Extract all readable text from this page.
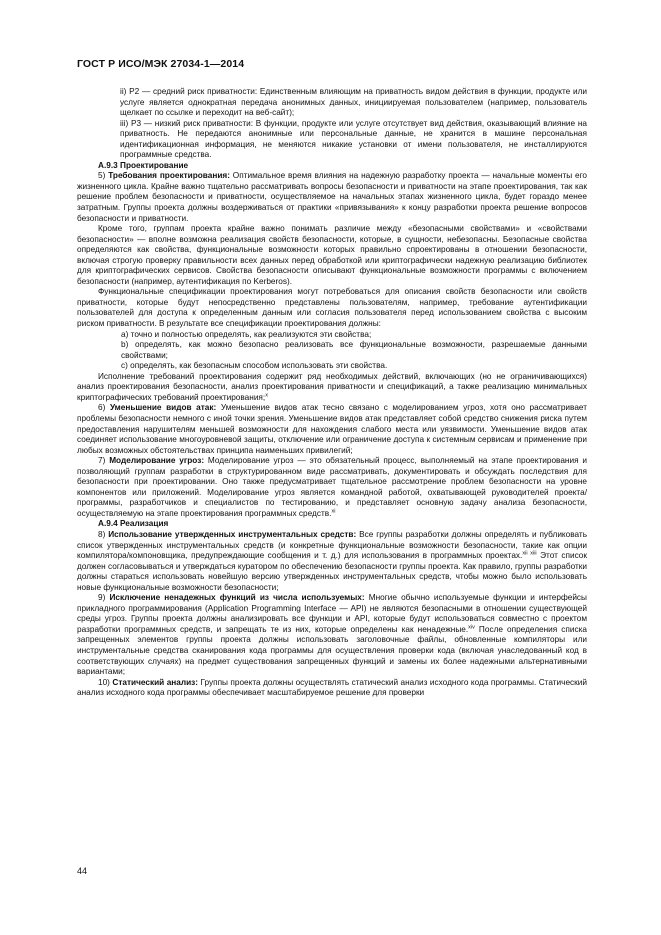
ГОСТ Р ИСО/МЭК 27034-1—2014

ii) Р2 — средний риск приватности: Единственным влияющим на приватность видом действия в функции, продукте или услуге является однократная передача анонимных данных, инициируемая пользователем (например, пользователь щелкает по ссылке и переходит на веб-сайт);

iii) Р3 — низкий риск приватности: В функции, продукте или услуге отсутствует вид действия, оказывающий влияние на приватность. Не передаются анонимные или персональные данные, не хранится в машине персональная идентификационная информация, не меняются никакие установки от имени пользователя, не инсталлируются программные средства.

А.9.3 Проектирование

5) Требования проектирования: Оптимальное время влияния на надежную разработку проекта — начальные моменты его жизненного цикла. Крайне важно тщательно рассматривать вопросы безопасности и приватности на этапе проектирования, так как решение проблем безопасности и приватности, осуществляемое на начальных этапах жизненного цикла, будет гораздо менее затратным. Группы проекта должны воздерживаться от практики «привязывания» к концу разработки проекта решение вопросов безопасности и приватности.

Кроме того, группам проекта крайне важно понимать различие между «безопасными свойствами» и «свойствами безопасности» — вполне возможна реализация свойств безопасности, которые, в сущности, небезопасны. Безопасные свойства определяются как свойства, функциональные возможности которых правильно спроектированы в отношении безопасности, включая строгую проверку правильности всех данных перед обработкой или криптографически надежную реализацию библиотек для криптографических сервисов. Свойства безопасности описывают функциональные возможности программы с включением безопасности (например, аутентификация по Kerberos).

Функциональные спецификации проектирования могут потребоваться для описания свойств безопасности или свойств приватности, которые будут непосредственно представлены пользователям, например, требование аутентификации пользователей для доступа к определенным данным или согласия пользователя перед использованием свойства с высоким риском приватности. В результате все спецификации проектирования должны:

а) точно и полностью определять, как реализуются эти свойства;

b) определять, как можно безопасно реализовать все функциональные возможности, разрешаемые данными свойствами;

с) определять, как безопасным способом использовать эти свойства.

Исполнение требований проектирования содержит ряд необходимых действий, включающих (но не ограничивающихся) анализ проектирования безопасности, анализ проектирования приватности и спецификаций, а также реализацию минимальных криптографических требований проектирования;$^x$

6) Уменьшение видов атак: Уменьшение видов атак тесно связано с моделированием угроз, хотя оно рассматривает проблемы безопасности немного с иной точки зрения. Уменьшение видов атак представляет собой средство снижения риска путем предоставления нарушителям меньшей возможности для нахождения слабого места или уязвимости. Уменьшение видов атак соединяет использование многоуровневой защиты, отключение или ограничение доступа к системным сервисам и применение при любых возможных обстоятельствах принципа наименьших привилегий;

7) Моделирование угроз: Моделирование угроз — это обязательный процесс, выполняемый на этапе проектирования и позволяющий группам разработки в структурированном виде рассматривать, документировать и обсуждать последствия для безопасности при проектировании. Оно также предусматривает тщательное рассмотрение проблем безопасности на уровне компонентов или приложений. Моделирование угроз является командной работой, охватывающей руководителей проекта/программы, разработчиков и специалистов по тестированию, и представляет основную задачу анализа безопасности, осуществляемую на этапе проектирования программных средств.$^{xi}$

А.9.4 Реализация

8) Использование утвержденных инструментальных средств: Все группы разработки должны определять и публиковать список утвержденных инструментальных средств (и конкретные функциональные возможности безопасности, такие как опции компилятора/компоновщика, предупреждающие сообщения и т. д.) для использования в программных проектах.$^{xii xiii}$ Этот список должен согласовываться и утверждаться куратором по обеспечению безопасности группы проекта. Как правило, группы разработки должны стараться использовать новейшую версию утвержденных инструментальных средств, чтобы можно было использовать новые функциональные возможности безопасности;

9) Исключение ненадежных функций из числа используемых: Многие обычно используемые функции и интерфейсы прикладного программирования (Application Programming Interface — API) не являются безопасными в отношении существующей среды угроз. Группы проекта должны анализировать все функции и API, которые будут использоваться совместно с проектом разработки программных средств, и запрещать те из них, которые определены как ненадежные.$^{xiv}$ После определения списка запрещенных элементов группы проекта должны использовать заголовочные файлы, обновленные компиляторы или инструментальные средства сканирования кода программы для осуществления проверки кода (включая унаследованный код в соответствующих случаях) на предмет существования запрещенных функций и замены их более надежными альтернативными вариантами;

10) Статический анализ: Группы проекта должны осуществлять статический анализ исходного кода программы. Статический анализ исходного кода программы обеспечивает масштабируемое решение для проверки

44
